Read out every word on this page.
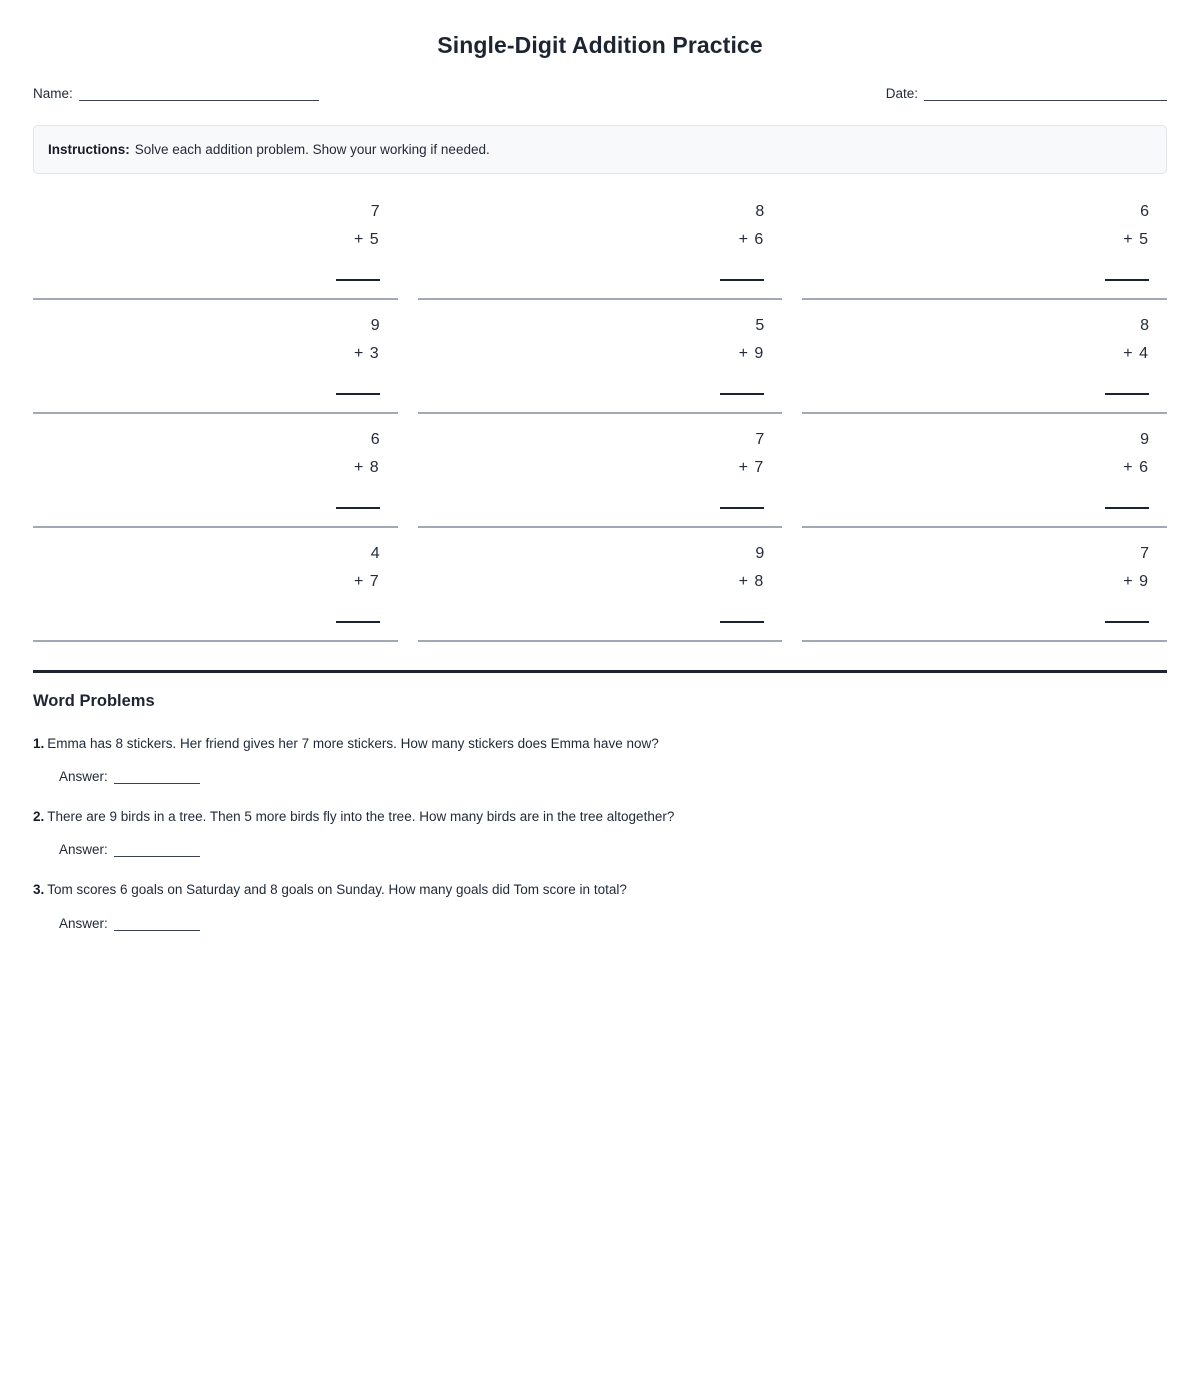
Single-Digit Addition Practice
Name:	Date:
Instructions: Solve each addition problem. Show your working if needed.
7
+ 5
8
+ 6
6
+ 5
9
+ 3
5
+ 9
8
+ 4
6
+ 8
7
+ 7
9
+ 6
4
+ 7
9
+ 8
7
+ 9
Word Problems
1. Emma has 8 stickers. Her friend gives her 7 more stickers. How many stickers does Emma have now?
Answer:
2. There are 9 birds in a tree. Then 5 more birds fly into the tree. How many birds are in the tree altogether?
Answer:
3. Tom scores 6 goals on Saturday and 8 goals on Sunday. How many goals did Tom score in total?
Answer:
